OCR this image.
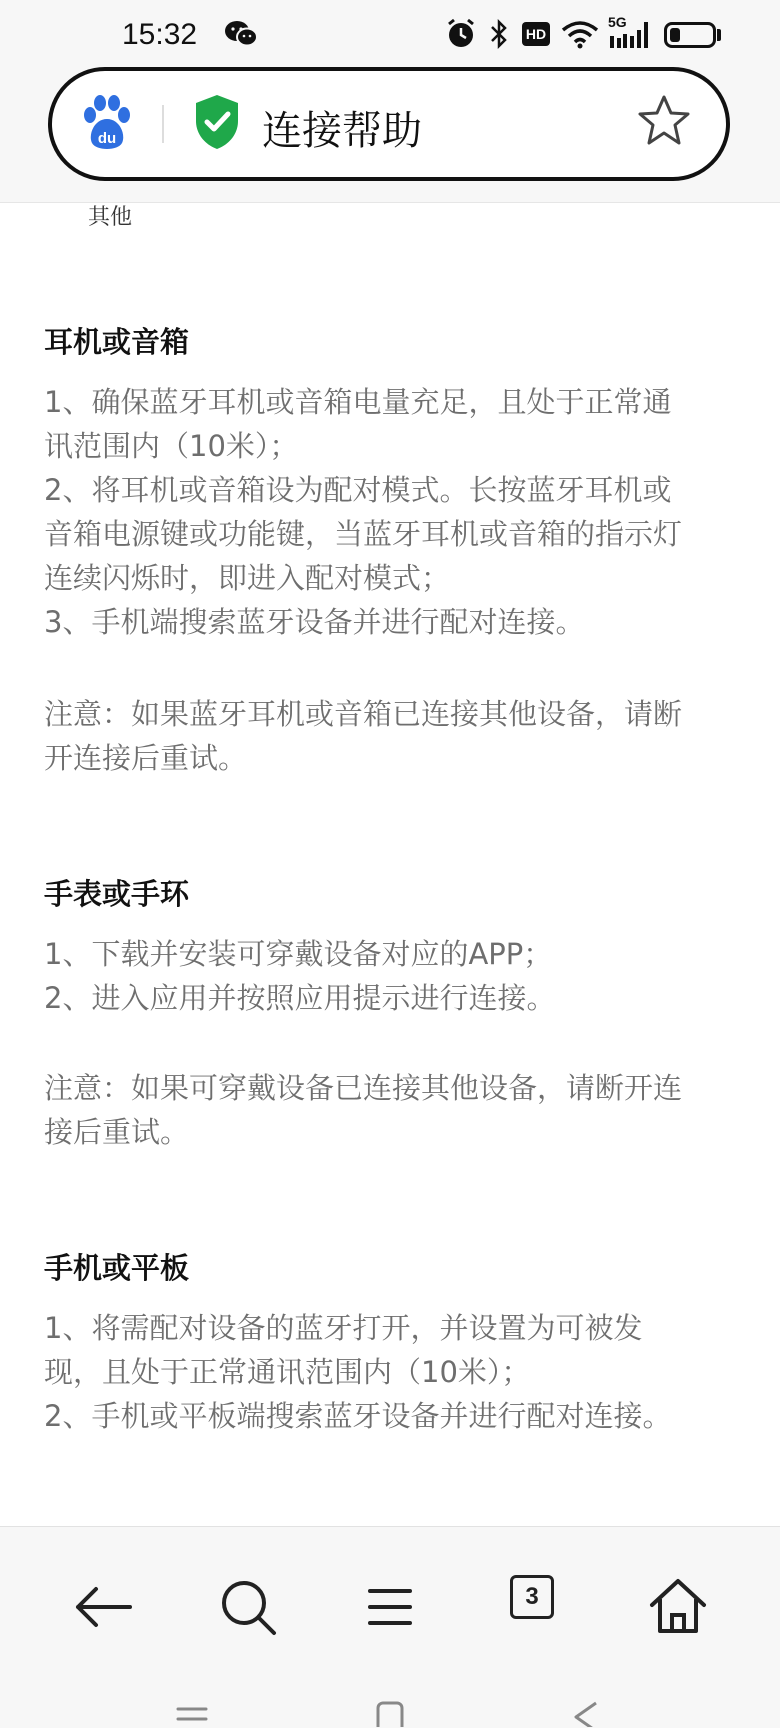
15:32	HD
5G
du	连接帮助
其他
耳机或音箱
1、确保蓝牙耳机或音箱电量充足，且处于正常通
讯范围内（10米）；
2、将耳机或音箱设为配对模式。长按蓝牙耳机或
音箱电源键或功能键，当蓝牙耳机或音箱的指示灯
连续闪烁时，即进入配对模式；
3、手机端搜索蓝牙设备并进行配对连接。
注意：如果蓝牙耳机或音箱已连接其他设备，请断
开连接后重试。
手表或手环
1、下载并安装可穿戴设备对应的APP；
2、进入应用并按照应用提示进行连接。
注意：如果可穿戴设备已连接其他设备，请断开连
接后重试。
手机或平板
1、将需配对设备的蓝牙打开，并设置为可被发
现，且处于正常通讯范围内（10米）；
2、手机或平板端搜索蓝牙设备并进行配对连接。
3
